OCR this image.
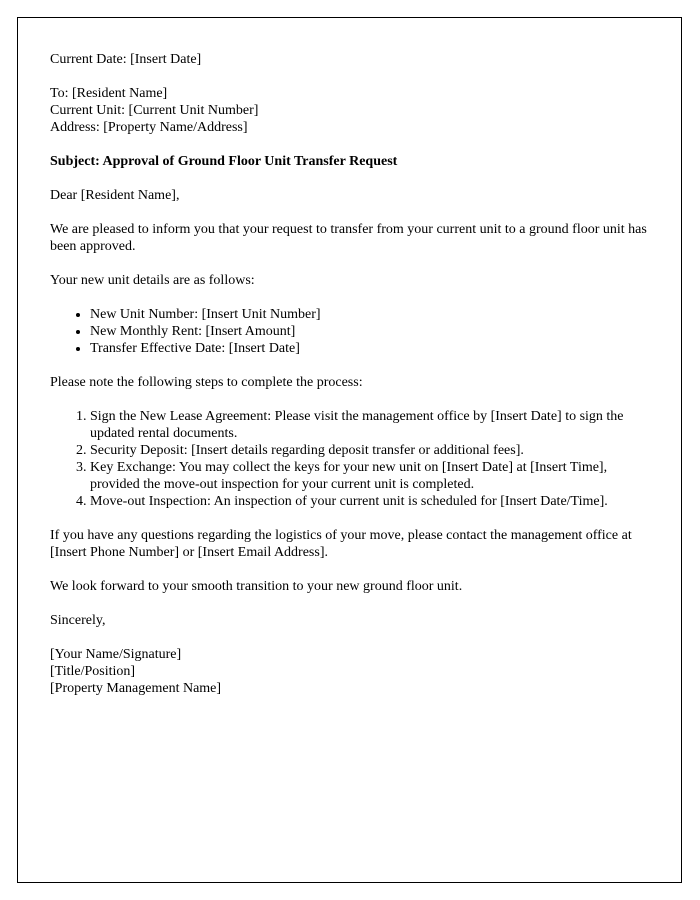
Current Date: [Insert Date]

To: [Resident Name]
Current Unit: [Current Unit Number]
Address: [Property Name/Address]

Subject: Approval of Ground Floor Unit Transfer Request

Dear [Resident Name],

We are pleased to inform you that your request to transfer from your current unit to a ground floor unit has been approved.

Your new unit details are as follows:

• New Unit Number: [Insert Unit Number]
• New Monthly Rent: [Insert Amount]
• Transfer Effective Date: [Insert Date]

Please note the following steps to complete the process:

1. Sign the New Lease Agreement: Please visit the management office by [Insert Date] to sign the updated rental documents.
2. Security Deposit: [Insert details regarding deposit transfer or additional fees].
3. Key Exchange: You may collect the keys for your new unit on [Insert Date] at [Insert Time], provided the move-out inspection for your current unit is completed.
4. Move-out Inspection: An inspection of your current unit is scheduled for [Insert Date/Time].

If you have any questions regarding the logistics of your move, please contact the management office at [Insert Phone Number] or [Insert Email Address].

We look forward to your smooth transition to your new ground floor unit.

Sincerely,

[Your Name/Signature]
[Title/Position]
[Property Management Name]
